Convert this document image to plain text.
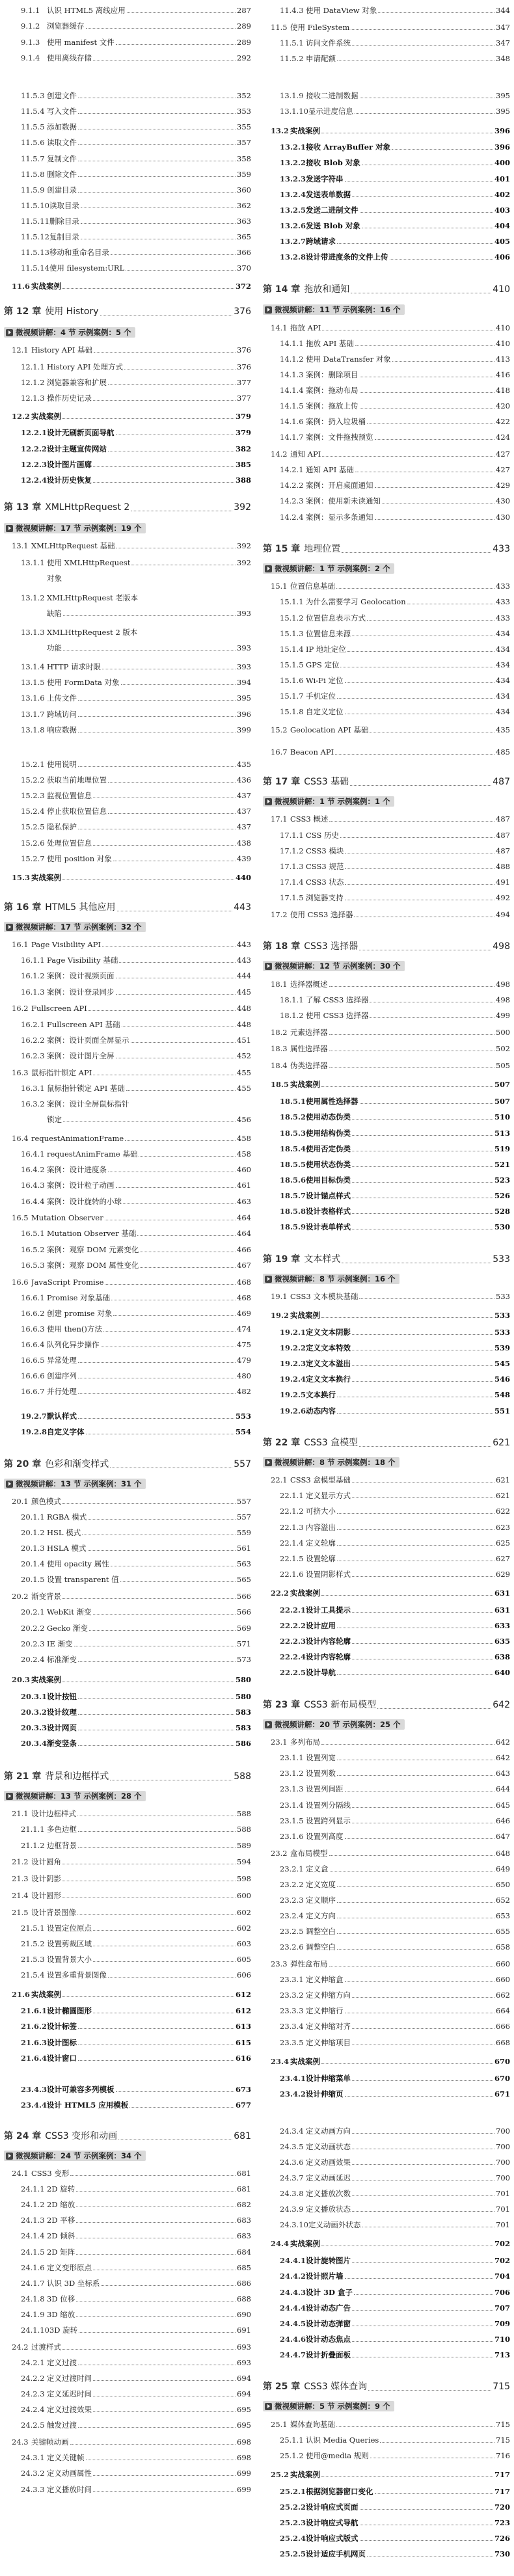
9.1.1 认识 HTML5 离线应用	287
9.1.2 浏览器缓存	289
9.1.3 使用 manifest 文件	289
9.1.4 使用离线存储	292
11.5.3 创建文件	352
11.5.4 写入文件	353
11.5.5 添加数据	355
11.5.6 读取文件	357
11.5.7 复制文件	358
11.5.8 删除文件	359
11.5.9 创建目录	360
11.5.10 读取目录	362
11.5.11 删除目录	363
11.5.12 复制目录	365
11.5.13 移动和重命名目录	366
11.5.14 使用 filesystem:URL	370
11.6 实战案例	372
第 12 章 使用 History	376
微视频讲解：4 节 示例案例：5 个
12.1 History API 基础	376
12.1.1 History API 处理方式	376
12.1.2 浏览器兼容和扩展	377
12.1.3 操作历史记录	377
12.2 实战案例	379
12.2.1 设计无刷新页面导航	379
12.2.2 设计主题宣传网站	382
12.2.3 设计图片画廊	385
12.2.4 设计历史恢复	388
第 13 章 XMLHttpRequest 2	392
微视频讲解：17 节 示例案例：19 个
13.1 XMLHttpRequest 基础	392
13.1.1 使用 XMLHttpRequest	392
对象
13.1.2 XMLHttpRequest 老版本
缺陷	393
13.1.3 XMLHttpRequest 2 版本
功能	393
13.1.4 HTTP 请求时限	393
13.1.5 使用 FormData 对象	394
13.1.6 上传文件	395
13.1.7 跨域访问	396
13.1.8 响应数据	399
15.2.1 使用说明	435
15.2.2 获取当前地理位置	436
15.2.3 监视位置信息	437
15.2.4 停止获取位置信息	437
15.2.5 隐私保护	437
15.2.6 处理位置信息	438
15.2.7 使用 position 对象	439
15.3 实战案例	440
第 16 章 HTML5 其他应用	443
微视频讲解：17 节 示例案例：32 个
16.1 Page Visibility API	443
16.1.1 Page Visibility 基础	443
16.1.2 案例：设计视频页面	444
16.1.3 案例：设计登录同步	445
16.2 Fullscreen API	448
16.2.1 Fullscreen API 基础	448
16.2.2 案例：设计页面全屏显示	451
16.2.3 案例：设计图片全屏	452
16.3 鼠标指针锁定 API	455
16.3.1 鼠标指针锁定 API 基础	455
16.3.2 案例：设计全屏鼠标指针
锁定	456
16.4 requestAnimationFrame	458
16.4.1 requestAnimFrame 基础	458
16.4.2 案例：设计进度条	460
16.4.3 案例：设计粒子动画	461
16.4.4 案例：设计旋转的小球	463
16.5 Mutation Observer	464
16.5.1 Mutation Observer 基础	464
16.5.2 案例：观察 DOM 元素变化	466
16.5.3 案例：观察 DOM 属性变化	467
16.6 JavaScript Promise	468
16.6.1 Promise 对象基础	468
16.6.2 创建 promise 对象	469
16.6.3 使用 then()方法	474
16.6.4 队列化异步操作	475
16.6.5 异常处理	479
16.6.6 创建序列	480
16.6.7 并行处理	482
19.2.7 默认样式	553
19.2.8 自定义字体	554
第 20 章 色彩和渐变样式	557
微视频讲解：13 节 示例案例：31 个
20.1 颜色模式	557
20.1.1 RGBA 模式	557
20.1.2 HSL 模式	559
20.1.3 HSLA 模式	561
20.1.4 使用 opacity 属性	563
20.1.5 设置 transparent 值	565
20.2 渐变背景	566
20.2.1 WebKit 渐变	566
20.2.2 Gecko 渐变	569
20.2.3 IE 渐变	571
20.2.4 标准渐变	573
20.3 实战案例	580
20.3.1 设计按钮	580
20.3.2 设计纹理	583
20.3.3 设计网页	583
20.3.4 渐变竖条	586
第 21 章 背景和边框样式	588
微视频讲解：13 节 示例案例：28 个
21.1 设计边框样式	588
21.1.1 多色边框	588
21.1.2 边框背景	589
21.2 设计圆角	594
21.3 设计阴影	598
21.4 设计圆形	600
21.5 设计背景图像	602
21.5.1 设置定位原点	602
21.5.2 设置剪裁区域	603
21.5.3 设置背景大小	605
21.5.4 设置多重背景图像	606
21.6 实战案例	612
21.6.1 设计椭圆图形	612
21.6.2 设计标签	613
21.6.3 设计图标	615
21.6.4 设计窗口	616
23.4.3 设计可兼容多列模板	673
23.4.4 设计 HTML5 应用模板	677
第 24 章 CSS3 变形和动画	681
微视频讲解：24 节 示例案例：34 个
24.1 CSS3 变形	681
24.1.1 2D 旋转	681
24.1.2 2D 缩放	682
24.1.3 2D 平移	683
24.1.4 2D 倾斜	683
24.1.5 2D 矩阵	684
24.1.6 定义变形原点	685
24.1.7 认识 3D 坐标系	686
24.1.8 3D 位移	688
24.1.9 3D 缩放	690
24.1.10 3D 旋转	691
24.2 过渡样式	693
24.2.1 定义过渡	693
24.2.2 定义过渡时间	694
24.2.3 定义延迟时间	694
24.2.4 定义过渡效果	695
24.2.5 触发过渡	695
24.3 关键帧动画	698
24.3.1 定义关键帧	698
24.3.2 定义动画属性	699
24.3.3 定义播放时间	699
11.4.3 使用 DataView 对象	344
11.5 使用 FileSystem	347
11.5.1 访问文件系统	347
11.5.2 申请配额	348
13.1.9 接收二进制数据	395
13.1.10 显示进度信息	395
13.2 实战案例	396
13.2.1 接收 ArrayBuffer 对象	396
13.2.2 接收 Blob 对象	400
13.2.3 发送字符串	401
13.2.4 发送表单数据	402
13.2.5 发送二进制文件	403
13.2.6 发送 Blob 对象	404
13.2.7 跨域请求	405
13.2.8 设计带进度条的文件上传	406
第 14 章 拖放和通知	410
微视频讲解：11 节 示例案例：16 个
14.1 拖放 API	410
14.1.1 拖放 API 基础	410
14.1.2 使用 DataTransfer 对象	413
14.1.3 案例：删除项目	416
14.1.4 案例：拖动布局	418
14.1.5 案例：拖放上传	420
14.1.6 案例：扔入垃圾桶	422
14.1.7 案例：文件拖拽预览	424
14.2 通知 API	427
14.2.1 通知 API 基础	427
14.2.2 案例：开启桌面通知	429
14.2.3 案例：使用新未读通知	430
14.2.4 案例：显示多条通知	430
第 15 章 地理位置	433
微视频讲解：1 节 示例案例：2 个
15.1 位置信息基础	433
15.1.1 为什么需要学习 Geolocation	433
15.1.2 位置信息表示方式	433
15.1.3 位置信息来源	434
15.1.4 IP 地址定位	434
15.1.5 GPS 定位	434
15.1.6 Wi-Fi 定位	434
15.1.7 手机定位	434
15.1.8 自定义定位	434
15.2 Geolocation API 基础	435
16.7 Beacon API	485
第 17 章 CSS3 基础	487
微视频讲解：1 节 示例案例：1 个
17.1 CSS3 概述	487
17.1.1 CSS 历史	487
17.1.2 CSS3 模块	487
17.1.3 CSS3 规范	488
17.1.4 CSS3 状态	491
17.1.5 浏览器支持	492
17.2 使用 CSS3 选择器	494
第 18 章 CSS3 选择器	498
微视频讲解：12 节 示例案例：30 个
18.1 选择器概述	498
18.1.1 了解 CSS3 选择器	498
18.1.2 使用 CSS3 选择器	499
18.2 元素选择器	500
18.3 属性选择器	502
18.4 伪类选择器	505
18.5 实战案例	507
18.5.1 使用属性选择器	507
18.5.2 使用动态伪类	510
18.5.3 使用结构伪类	513
18.5.4 使用否定伪类	519
18.5.5 使用状态伪类	521
18.5.6 使用目标伪类	523
18.5.7 设计锚点样式	526
18.5.8 设计表格样式	528
18.5.9 设计表单样式	530
第 19 章 文本样式	533
微视频讲解：8 节 示例案例：16 个
19.1 CSS3 文本模块基础	533
19.2 实战案例	533
19.2.1 定义文本阴影	533
19.2.2 定义文本特效	539
19.2.3 定义文本溢出	545
19.2.4 定义文本换行	546
19.2.5 文本换行	548
19.2.6 动态内容	551
第 22 章 CSS3 盒模型	621
微视频讲解：8 节 示例案例：18 个
22.1 CSS3 盒模型基础	621
22.1.1 定义显示方式	621
22.1.2 可挤大小	622
22.1.3 内容溢出	623
22.1.4 定义轮廓	625
22.1.5 设置轮廓	627
22.1.6 设置阴影样式	629
22.2 实战案例	631
22.2.1 设计工具提示	631
22.2.2 设计应用	633
22.2.3 设计内容轮廓	635
22.2.4 设计内容轮廓	638
22.2.5 设计导航	640
第 23 章 CSS3 新布局模型	642
微视频讲解：20 节 示例案例：25 个
23.1 多列布局	642
23.1.1 设置列宽	642
23.1.2 设置列数	643
23.1.3 设置列间距	644
23.1.4 设置列分隔线	645
23.1.5 设置跨列显示	646
23.1.6 设置列高度	647
23.2 盒布局模型	648
23.2.1 定义盒	649
23.2.2 定义宽度	650
23.2.3 定义顺序	652
23.2.4 定义方向	653
23.2.5 调整空白	655
23.2.6 调整空白	658
23.3 弹性盒布局	660
23.3.1 定义伸缩盒	660
23.3.2 定义伸缩方向	662
23.3.3 定义伸缩行	664
23.3.4 定义伸缩对齐	666
23.3.5 定义伸缩项目	668
23.4 实战案例	670
23.4.1 设计伸缩菜单	670
23.4.2 设计伸缩页	671
24.3.4 定义动画方向	700
24.3.5 定义动画状态	700
24.3.6 定义动画效果	700
24.3.7 定义动画延迟	700
24.3.8 定义播放次数	701
24.3.9 定义播放状态	701
24.3.10 定义动画外状态	701
24.4 实战案例	702
24.4.1 设计旋转图片	702
24.4.2 设计照片墙	704
24.4.3 设计 3D 盒子	706
24.4.4 设计动态广告	707
24.4.5 设计动态弹窗	709
24.4.6 设计动态焦点	710
24.4.7 设计折叠面板	713
第 25 章 CSS3 媒体查询	715
微视频讲解：5 节 示例案例：9 个
25.1 媒体查询基础	715
25.1.1 认识 Media Queries	715
25.1.2 使用@media 规则	716
25.2 实战案例	717
25.2.1 根据浏览器窗口变化	717
25.2.2 设计响应式页面	720
25.2.3 设计响应式导航	723
25.2.4 设计响应式版式	726
25.2.5 设计适应手机网页	730
